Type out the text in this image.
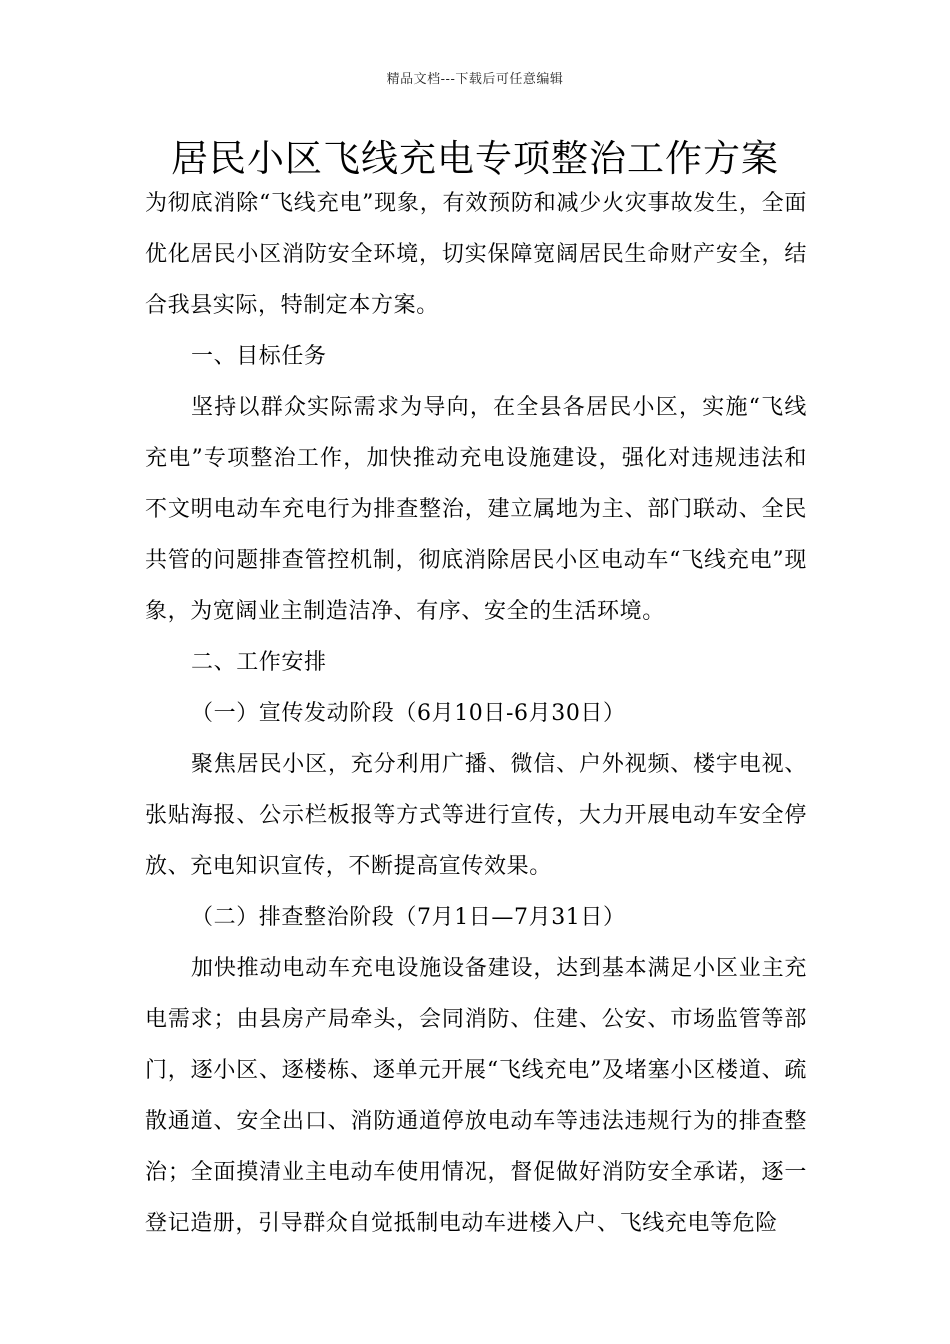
精品文档---下载后可任意编辑
居民小区飞线充电专项整治工作方案

为彻底消除“飞线充电”现象，有效预防和减少火灾事故发生，全面优化居民小区消防安全环境，切实保障宽阔居民生命财产安全，结合我县实际，特制定本方案。

一、目标任务

坚持以群众实际需求为导向，在全县各居民小区，实施“飞线充电”专项整治工作，加快推动充电设施建设，强化对违规违法和不文明电动车充电行为排查整治，建立属地为主、部门联动、全民共管的问题排查管控机制，彻底消除居民小区电动车“飞线充电”现象，为宽阔业主制造洁净、有序、安全的生活环境。

二、工作安排

（一）宣传发动阶段（6月10日-6月30日）

聚焦居民小区，充分利用广播、微信、户外视频、楼宇电视、张贴海报、公示栏板报等方式等进行宣传，大力开展电动车安全停放、充电知识宣传，不断提高宣传效果。

（二）排查整治阶段（7月1日—7月31日）

加快推动电动车充电设施设备建设，达到基本满足小区业主充电需求；由县房产局牵头，会同消防、住建、公安、市场监管等部门，逐小区、逐楼栋、逐单元开展“飞线充电”及堵塞小区楼道、疏散通道、安全出口、消防通道停放电动车等违法违规行为的排查整治；全面摸清业主电动车使用情况，督促做好消防安全承诺，逐一登记造册，引导群众自觉抵制电动车进楼入户、飞线充电等危险
